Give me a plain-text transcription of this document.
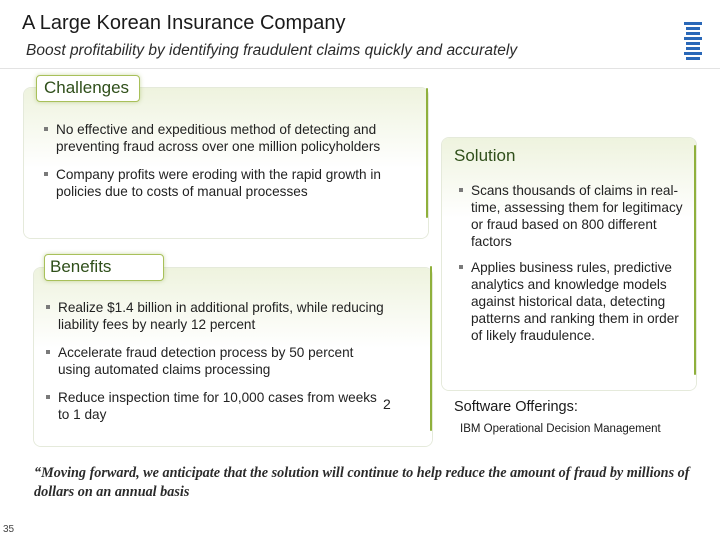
A Large Korean Insurance Company
Boost profitability by identifying fraudulent claims quickly and accurately
Challenges
No effective and expeditious method of detecting and preventing fraud across over one million policyholders
Company profits were eroding with the rapid growth in policies due to costs of manual processes
Solution
Scans thousands of claims in real-time, assessing them for legitimacy or fraud based on 800 different factors
Applies business rules, predictive analytics and knowledge models against historical data, detecting patterns and ranking them in order of likely fraudulence.
Benefits
Realize $1.4 billion in additional profits, while reducing liability fees by nearly 12 percent
Accelerate fraud detection process by 50 percent using automated claims processing
Reduce inspection time for 10,000 cases from weeks to 1 day
2	Software Offerings:
IBM Operational Decision Management
“Moving forward, we anticipate that the solution will continue to help reduce the amount of fraud by millions of dollars on an annual basis
35
